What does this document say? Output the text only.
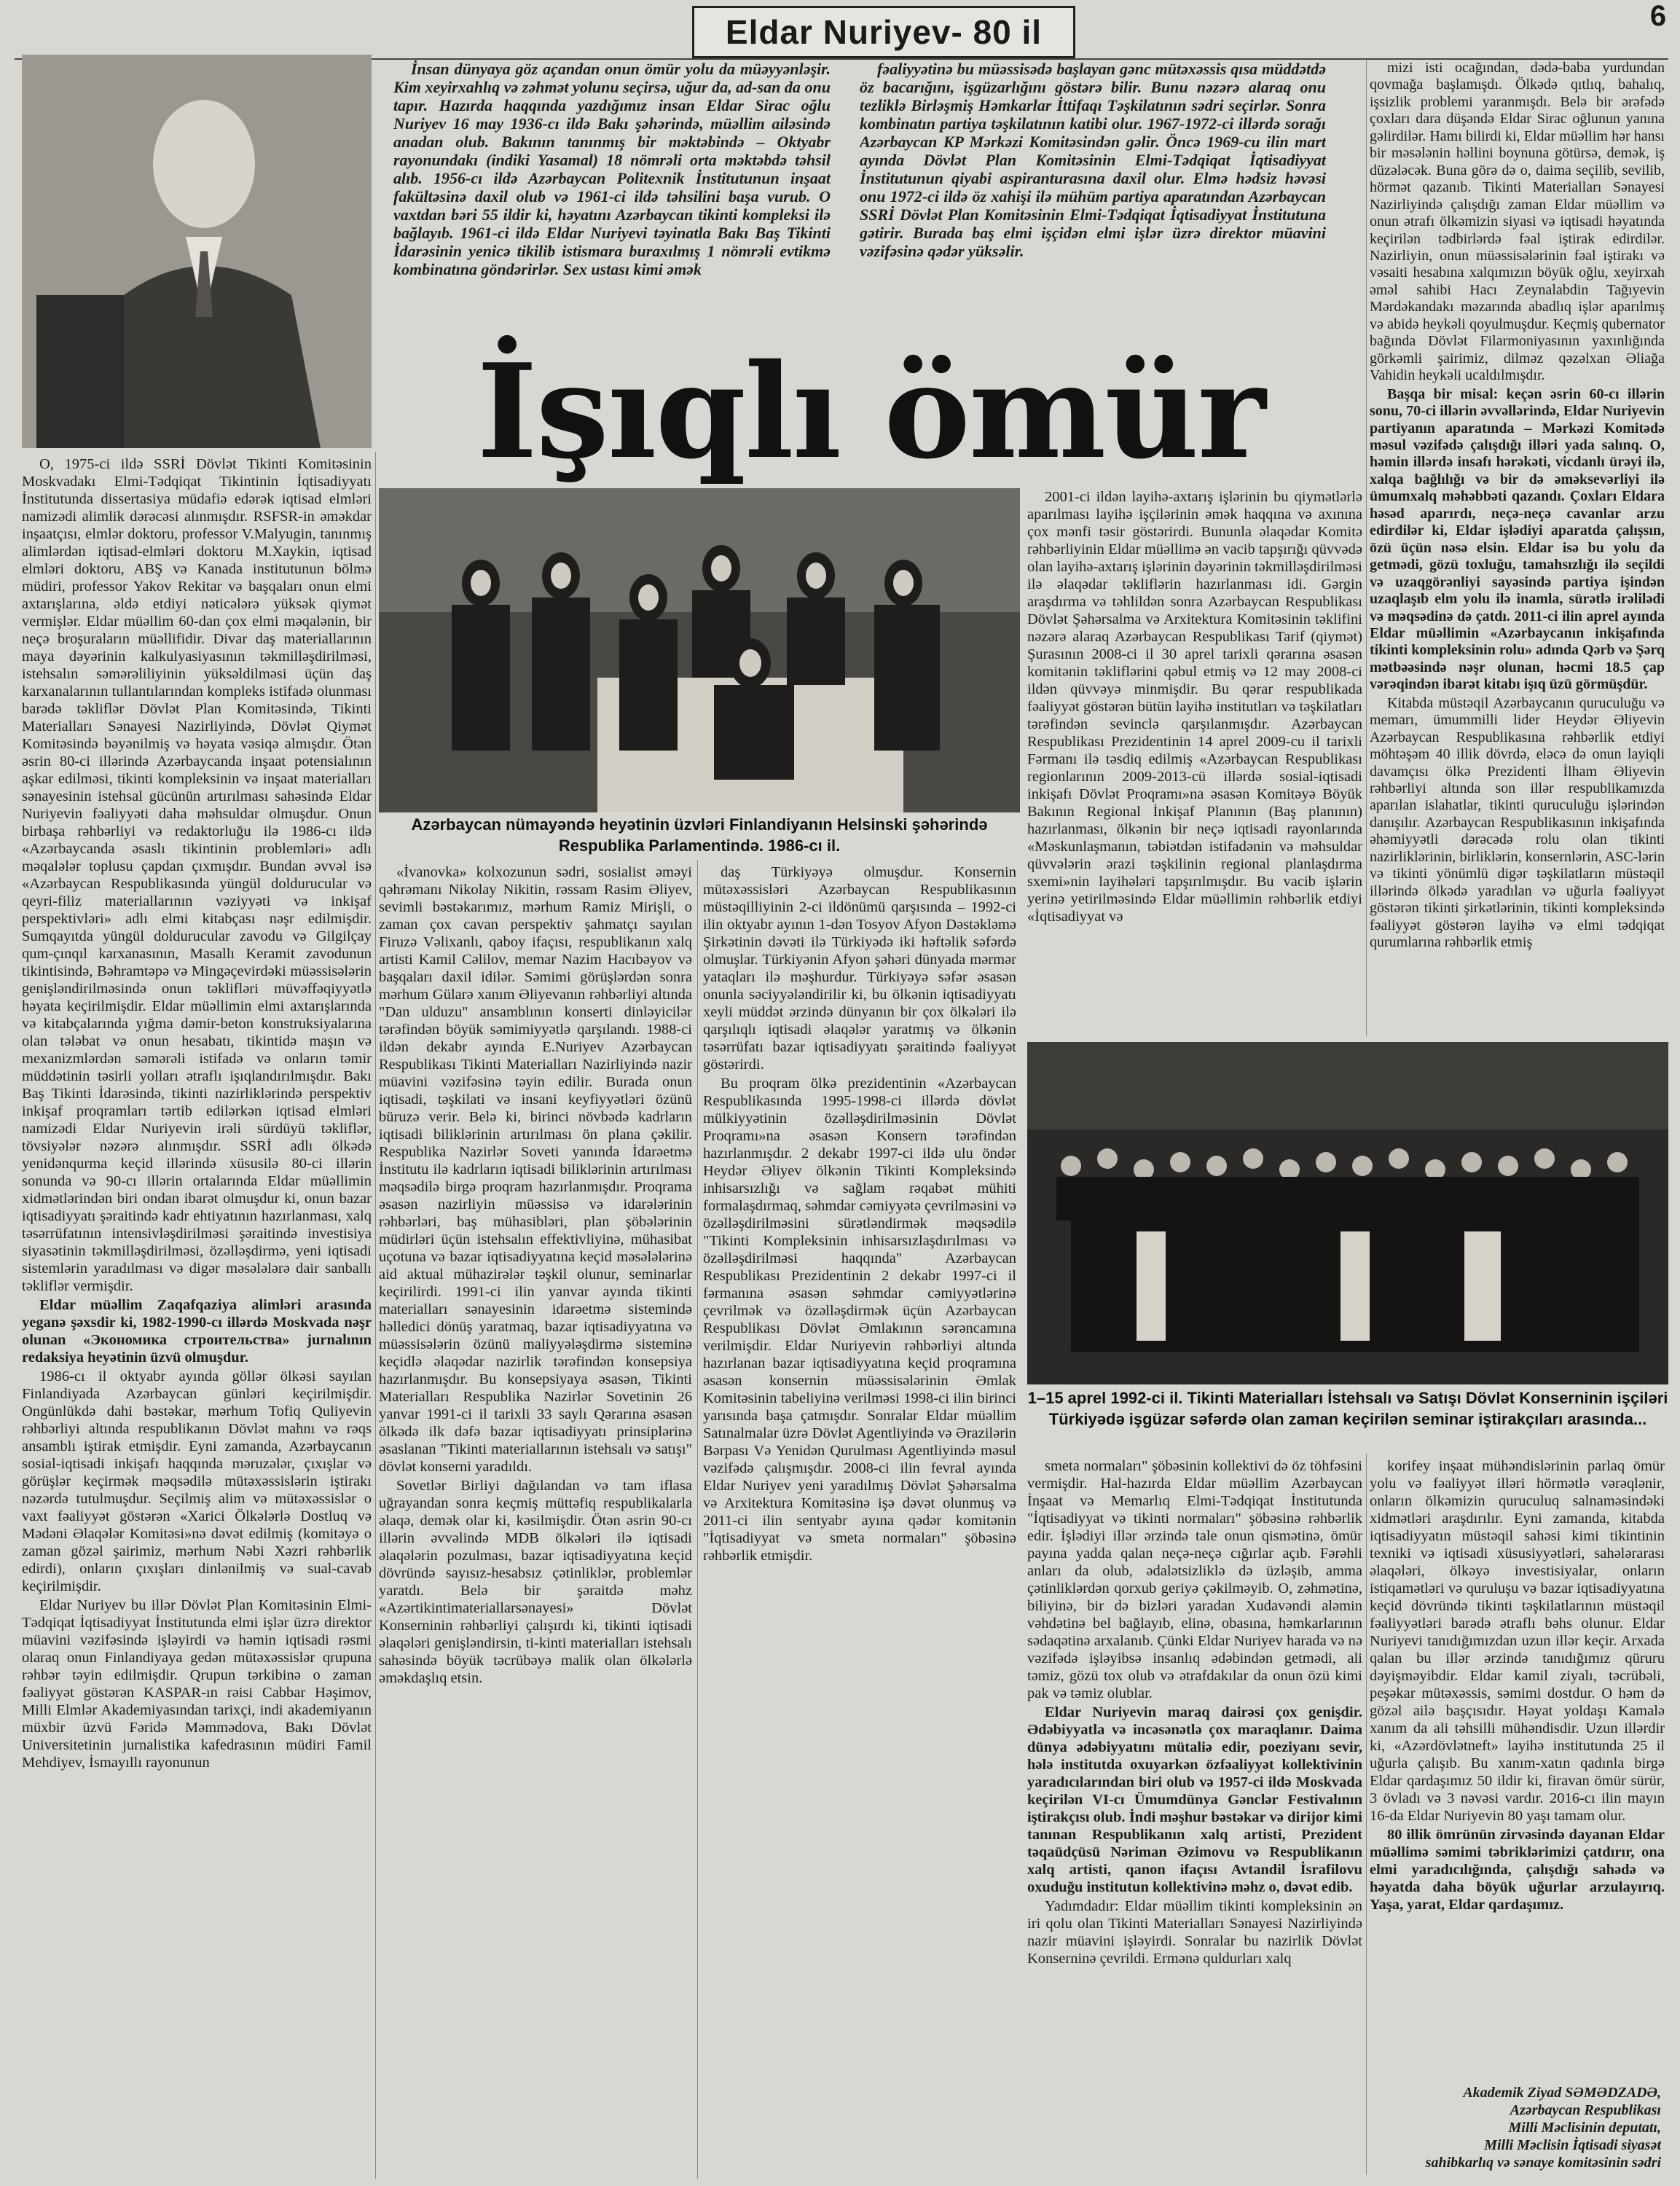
Eldar Nuriyev- 80 il	6

İnsan dünyaya göz açandan onun ömür yolu da müəyyənləşir. Kim xeyirxahlıq və zəhmət yolunu seçirsə, uğur da, ad-san da onu tapır. Hazırda haqqında yazdığımız insan Eldar Sirac oğlu Nuriyev 16 may 1936-cı ildə Bakı şəhərində, müəllim ailəsində anadan olub. Bakının tanınmış bir məktəbində – Oktyabr rayonundakı (indiki Yasamal) 18 nömrəli orta məktəbdə təhsil alıb. 1956-cı ildə Azərbaycan Politexnik İnstitutunun inşaat fakültəsinə daxil olub və 1961-ci ildə təhsilini başa vurub. O vaxtdan bəri 55 ildir ki, həyatını Azərbaycan tikinti kompleksi ilə bağlayıb. 1961-ci ildə Eldar Nuriyevi təyinatla Bakı Baş Tikinti İdarəsinin yenicə tikilib istismara buraxılmış 1 nömrəli evtikmə kombinatına göndərirlər. Sex ustası kimi əmək

fəaliyyətinə bu müəssisədə başlayan gənc mütəxəssis qısa müddətdə öz bacarığını, işgüzarlığını göstərə bilir. Bunu nəzərə alaraq onu tezliklə Birləşmiş Həmkarlar İttifaqı Təşkilatının sədri seçirlər. Sonra kombinatın partiya təşkilatının katibi olur. 1967-1972-ci illərdə sorağı Azərbaycan KP Mərkəzi Komitəsindən gəlir. Öncə 1969-cu ilin mart ayında Dövlət Plan Komitəsinin Elmi-Tədqiqat İqtisadiyyat İnstitutunun qiyabi aspiranturasına daxil olur. Elmə hədsiz həvəsi onu 1972-ci ildə öz xahişi ilə mühüm partiya aparatından Azərbaycan SSRİ Dövlət Plan Komitəsinin Elmi-Tədqiqat İqtisadiyyat İnstitutuna gətirir. Burada baş elmi işçidən elmi işlər üzrə direktor müavini vəzifəsinə qədər yüksəlir.

İşıqlı ömür

mizi isti ocağından, dədə-baba yurdundan qovmağa başlamışdı. Ölkədə qıtlıq, bahalıq, işsizlik problemi yaranmışdı. Belə bir ərəfədə çoxları dara düşəndə Eldar Sirac oğlunun yanına gəlirdilər. Hamı bilirdi ki, Eldar müəllim hər hansı bir məsələnin həllini boynuna götürsə, demək, iş düzələcək. Buna görə də o, daima seçilib, sevilib, hörmət qazanıb. Tikinti Materialları Sənayesi Nazirliyində çalışdığı zaman Eldar müəllim və onun ətrafı ölkəmizin siyasi və iqtisadi həyatında keçirilən tədbirlərdə fəal iştirak edirdilər. Nazirliyin, onun müəssisələrinin fəal iştirakı və vəsaiti hesabına xalqımızın böyük oğlu, xeyirxah əməl sahibi Hacı Zeynalabdin Tağıyevin Mərdəkandakı məzarında abadlıq işlər aparılmış və abidə heykəli qoyulmuşdur. Keçmiş qubernator bağında Dövlət Filarmoniyasının yaxınlığında görkəmli şairimiz, dilməz qəzəlxan Əliağa Vahidin heykəli ucaldılmışdır.

Başqa bir misal: keçən əsrin 60-cı illərin sonu, 70-ci illərin əvvəllərində, Eldar Nuriyevin partiyanın aparatında – Mərkəzi Komitədə məsul vəzifədə çalışdığı illəri yada salınq. O, həmin illərdə insafı hərəkəti, vicdanlı ürəyi ilə, xalqa bağlılığı və bir də əməksevərliyi ilə ümumxalq məhəbbəti qazandı. Çoxları Eldara həsəd aparırdı, neçə-neçə cavanlar arzu edirdilər ki, Eldar işlədiyi aparatda çalışsın, özü üçün nəsə elsin. Eldar isə bu yolu da getmədi, gözü toxluğu, tamahsızlığı ilə seçildi və uzaqgörənliyi sayəsində partiya işindən uzaqlaşıb elm yolu ilə inamla, sürətlə irəlilədi və məqsədinə də çatdı. 2011-ci ilin aprel ayında Eldar müəllimin «Azərbaycanın inkişafında tikinti kompleksinin rolu» adında Qərb və Şərq mətbəəsində nəşr olunan, həcmi 18.5 çap vərəqindən ibarət kitabı işıq üzü görmüşdür.

Kitabda müstəqil Azərbaycanın quruculuğu və memarı, ümummilli lider Heydər Əliyevin Azərbaycan Respublikasına rəhbərlik etdiyi möhtəşəm 40 illik dövrdə, eləcə də onun layiqli davamçısı ölkə Prezidenti İlham Əliyevin rəhbərliyi altında son illər respublikamızda aparılan islahatlar, tikinti quruculuğu işlərindən danışılır. Azərbaycan Respublikasının inkişafında əhəmiyyətli dərəcədə rolu olan tikinti nazirliklərinin, birliklərin, konsernlərin, ASC-lərin və tikinti yönümlü digər təşkilatların müstəqil illərində ölkədə yaradılan və uğurla fəaliyyət göstərən tikinti şirkətlərinin, tikinti kompleksində fəaliyyət göstərən layihə və elmi tədqiqat qurumlarına rəhbərlik etmiş

O, 1975-ci ildə SSRİ Dövlət Tikinti Komitəsinin Moskvadakı Elmi-Tədqiqat Tikintinin İqtisadiyyatı İnstitutunda dissertasiya müdafiə edərək iqtisad elmləri namizədi alimlik dərəcəsi alınmışdır. RSFSR-in əməkdar inşaatçısı, elmlər doktoru, professor V.Malyugin, tanınmış alimlərdən iqtisad-elmləri doktoru M.Xaykin, iqtisad elmləri doktoru, ABŞ və Kanada institutunun bölmə müdiri, professor Yakov Rekitar və başqaları onun elmi axtarışlarına, əldə etdiyi nəticələrə yüksək qiymət vermişlər. Eldar müəllim 60-dan çox elmi məqalənin, bir neçə broşuraların müəllifidir. Divar daş materiallarının maya dəyərinin kalkulyasiyasının təkmilləşdirilməsi, istehsalın səmərəliliyinin yüksəldilməsi üçün daş karxanalarının tullantılarından kompleks istifadə olunması barədə təkliflər Dövlət Plan Komitəsində, Tikinti Materialları Sənayesi Nazirliyində, Dövlət Qiymət Komitəsində bəyənilmiş və həyata vəsiqə almışdır. Ötən əsrin 80-ci illərində Azərbaycanda inşaat potensialının aşkar edilməsi, tikinti kompleksinin və inşaat materialları sənayesinin istehsal gücünün artırılması sahəsində Eldar Nuriyevin fəaliyyəti daha məhsuldar olmuşdur. Onun birbaşa rəhbərliyi və redaktorluğu ilə 1986-cı ildə «Azərbaycanda əsaslı tikintinin problemləri» adlı məqalələr toplusu çapdan çıxmışdır. Bundan əvvəl isə «Azərbaycan Respublikasında yüngül doldurucular və qeyri-filiz materiallarının vəziyyəti və inkişaf perspektivləri» adlı elmi kitabçası nəşr edilmişdir. Sumqayıtda yüngül doldurucular zavodu və Gilgilçay qum-çınqıl karxanasının, Masallı Keramit zavodunun tikintisində, Bəhramtəpə və Mingəçevirdəki müəssisələrin genişləndirilməsində onun təklifləri müvəffəqiyyətlə həyata keçirilmişdir. Eldar müəllimin elmi axtarışlarında və kitabçalarında yığma dəmir-beton konstruksiyalarına olan tələbat və onun hesabatı, tikintidə maşın və mexanizmlərdən səmərəli istifadə və onların təmir müddətinin təsirli yolları ətraflı işıqlandırılmışdır. Bakı Baş Tikinti İdarəsində, tikinti nazirliklərində perspektiv inkişaf proqramları tərtib edilərkən iqtisad elmləri namizədi Eldar Nuriyevin irəli sürdüyü təkliflər, tövsiyələr nəzərə alınmışdır. SSRİ adlı ölkədə yenidənqurma keçid illərində xüsusilə 80-ci illərin sonunda və 90-cı illərin ortalarında Eldar müəllimin xidmətlərindən biri ondan ibarət olmuşdur ki, onun bazar iqtisadiyyatı şəraitində kadr ehtiyatının hazırlanması, xalq təsərrüfatının intensivləşdirilməsi şəraitində investisiya siyasətinin təkmilləşdirilməsi, özəlləşdirmə, yeni iqtisadi sistemlərin yaradılması və digər məsələlərə dair sanballı təkliflər vermişdir.

Eldar müəllim Zaqafqaziya alimləri arasında yeganə şəxsdir ki, 1982-1990-cı illərdə Moskvada nəşr olunan «Экономика строительства» jurnalının redaksiya heyətinin üzvü olmuşdur.

1986-cı il oktyabr ayında göllər ölkəsi sayılan Finlandiyada Azərbaycan günləri keçirilmişdir. Ongünlükdə dahi bəstəkar, mərhum Tofiq Quliyevin rəhbərliyi altında respublikanın Dövlət mahnı və rəqs ansamblı iştirak etmişdir. Eyni zamanda, Azərbaycanın sosial-iqtisadi inkişafı haqqında məruzələr, çıxışlar və görüşlər keçirmək məqsədilə mütəxəssislərin iştirakı nəzərdə tutulmuşdur. Seçilmiş alim və mütəxəssislər o vaxt fəaliyyət göstərən «Xarici Ölkələrlə Dostluq və Mədəni Əlaqələr Komitəsi»nə dəvət edilmiş (komitəyə o zaman gözəl şairimiz, mərhum Nəbi Xəzri rəhbərlik edirdi), onların çıxışları dinlənilmiş və sual-cavab keçirilmişdir.

Eldar Nuriyev bu illər Dövlət Plan Komitəsinin Elmi-Tədqiqat İqtisadiyyat İnstitutunda elmi işlər üzrə direktor müavini vəzifəsində işləyirdi və həmin iqtisadi rəsmi olaraq onun Finlandiyaya gedən mütəxəssislər qrupuna rəhbər təyin edilmişdir. Qrupun tərkibinə o zaman fəaliyyət göstərən KASPAR-ın rəisi Cabbar Həşimov, Milli Elmlər Akademiyasından tarixçi, indi akademiyanın müxbir üzvü Fəridə Məmmədova, Bakı Dövlət Universitetinin jurnalistika kafedrasının müdiri Famil Mehdiyev, İsmayıllı rayonunun

Azərbaycan nümayəndə heyətinin üzvləri Finlandiyanın Helsinski şəhərində Respublika Parlamentində. 1986-cı il.

2001-ci ildən layihə-axtarış işlərinin bu qiymətlərlə aparılması layihə işçilərinin əmək haqqına və axınına çox mənfi təsir göstərirdi. Bununla əlaqədar Komitə rəhbərliyinin Eldar müəllimə ən vacib tapşırığı qüvvədə olan layihə-axtarış işlərinin dəyərinin təkmilləşdirilməsi ilə əlaqədar təkliflərin hazırlanması idi. Gərgin araşdırma və təhlildən sonra Azərbaycan Respublikası Dövlət Şəhərsalma və Arxitektura Komitəsinin təklifini nəzərə alaraq Azərbaycan Respublikası Tarif (qiymət) Şurasının 2008-ci il 30 aprel tarixli qərarına əsasən komitənin təkliflərini qəbul etmiş və 12 may 2008-ci ildən qüvvəyə minmişdir. Bu qərar respublikada fəaliyyət göstərən bütün layihə institutları və təşkilatları tərəfindən sevinclə qarşılanmışdır. Azərbaycan Respublikası Prezidentinin 14 aprel 2009-cu il tarixli Fərmanı ilə təsdiq edilmiş «Azərbaycan Respublikası regionlarının 2009-2013-cü illərdə sosial-iqtisadi inkişafı Dövlət Proqramı»na əsasən Komitəyə Böyük Bakının Regional İnkişaf Planının (Baş planının) hazırlanması, ölkənin bir neçə iqtisadi rayonlarında «Məskunlaşmanın, təbiətdən istifadənin və məhsuldar qüvvələrin ərazi təşkilinin regional planlaşdırma sxemi»nin layihələri tapşırılmışdır. Bu vacib işlərin yerinə yetirilməsində Eldar müəllimin rəhbərlik etdiyi «İqtisadiyyat və

«İvanovka» kolxozunun sədri, sosialist əməyi qəhrəmanı Nikolay Nikitin, rəssam Rasim Əliyev, sevimli bəstəkarımız, mərhum Ramiz Mirişli, o zaman çox cavan perspektiv şahmatçı sayılan Firuzə Vəlixanlı, qaboy ifaçısı, respublikanın xalq artisti Kamil Cəlilov, memar Nazim Hacıbəyov və başqaları daxil idilər. Səmimi görüşlərdən sonra mərhum Gülarə xanım Əliyevanın rəhbərliyi altında "Dan ulduzu" ansamblının konserti dinləyicilər tərəfindən böyük səmimiyyətlə qarşılandı. 1988-ci ildən dekabr ayında E.Nuriyev Azərbaycan Respublikası Tikinti Materialları Nazirliyində nazir müavini vəzifəsinə təyin edilir. Burada onun iqtisadi, təşkilati və insani keyfiyyətləri özünü büruzə verir. Belə ki, birinci növbədə kadrların iqtisadi biliklərinin artırılması ön plana çəkilir. Respublika Nazirlər Soveti yanında İdarəetmə İnstitutu ilə kadrların iqtisadi biliklərinin artırılması məqsədilə birgə proqram hazırlanmışdır. Proqrama əsasən nazirliyin müəssisə və idarələrinin rəhbərləri, baş mühasibləri, plan şöbələrinin müdirləri üçün istehsalın effektivliyinə, mühasibat uçotuna və bazar iqtisadiyyatına keçid məsələlərinə aid aktual mühazirələr təşkil olunur, seminarlar keçirilirdi. 1991-ci ilin yanvar ayında tikinti materialları sənayesinin idarəetmə sistemində həlledici dönüş yaratmaq, bazar iqtisadiyyatına və müəssisələrin özünü maliyyələşdirmə sisteminə keçidlə əlaqədar nazirlik tərəfindən konsepsiya hazırlanmışdır. Bu konsepsiyaya əsasən, Tikinti Materialları Respublika Nazirlər Sovetinin 26 yanvar 1991-ci il tarixli 33 saylı Qərarına əsasən ölkədə ilk dəfə bazar iqtisadiyyatı prinsiplərinə əsaslanan "Tikinti materiallarının istehsalı və satışı" dövlət konserni yaradıldı.

Sovetlər Birliyi dağılandan və tam iflasa uğrayandan sonra keçmiş müttəfiq respublikalarla əlaqə, demək olar ki, kəsilmişdir. Ötən əsrin 90-cı illərin əvvəlində MDB ölkələri ilə iqtisadi əlaqələrin pozulması, bazar iqtisadiyyatına keçid dövründə sayısız-hesabsız çətinliklər, problemlər yaratdı. Belə bir şəraitdə məhz «Azərtikintimateriallarsənayesi» Dövlət Konserninin rəhbərliyi çalışırdı ki, tikinti iqtisadi əlaqələri genişləndirsin, ti-kinti materialları istehsalı sahəsində böyük təcrübəyə malik olan ölkələrlə əməkdaşlıq etsin.

daş Türkiyəyə olmuşdur. Konsernin mütəxəssisləri Azərbaycan Respublikasının müstəqilliyinin 2-ci ildönümü qarşısında – 1992-ci ilin oktyabr ayının 1-dən Tosyov Afyon Dəstəkləmə Şirkətinin dəvəti ilə Türkiyədə iki həftəlik səfərdə olmuşlar. Türkiyənin Afyon şəhəri dünyada mərmər yataqları ilə məşhurdur. Türkiyəyə səfər əsasən onunla səciyyələndirilir ki, bu ölkənin iqtisadiyyatı xeyli müddət ərzində dünyanın bir çox ölkələri ilə qarşılıqlı iqtisadi əlaqələr yaratmış və ölkənin təsərrüfatı bazar iqtisadiyyatı şəraitində fəaliyyət göstərirdi.

Bu proqram ölkə prezidentinin «Azərbaycan Respublikasında 1995-1998-ci illərdə dövlət mülkiyyətinin özəlləşdirilməsinin Dövlət Proqramı»na əsasən Konsern tərəfindən hazırlanmışdır. 2 dekabr 1997-ci ildə ulu öndər Heydər Əliyev ölkənin Tikinti Kompleksində inhisarsızlığı və sağlam rəqabət mühiti formalaşdırmaq, səhmdar cəmiyyətə çevrilməsini və özəlləşdirilməsini sürətləndirmək məqsədilə "Tikinti Kompleksinin inhisarsızlaşdırılması və özəlləşdirilməsi haqqında" Azərbaycan Respublikası Prezidentinin 2 dekabr 1997-ci il fərmanına əsasən səhmdar cəmiyyətlərinə çevrilmək və özəlləşdirmək üçün Azərbaycan Respublikası Dövlət Əmlakının sərəncamına verilmişdir. Eldar Nuriyevin rəhbərliyi altında hazırlanan bazar iqtisadiyyatına keçid proqramına əsasən konsernin müəssisələrinin Əmlak Komitəsinin tabeliyinə verilməsi 1998-ci ilin birinci yarısında başa çatmışdır. Sonralar Eldar müəllim Satınalmalar üzrə Dövlət Agentliyində və Ərazilərin Bərpası Və Yenidən Qurulması Agentliyində məsul vəzifədə çalışmışdır. 2008-ci ilin fevral ayında Eldar Nuriyev yeni yaradılmış Dövlət Şəhərsalma və Arxitektura Komitəsinə işə dəvət olunmuş və 2011-ci ilin sentyabr ayına qədər komitənin "İqtisadiyyat və smeta normaları" şöbəsinə rəhbərlik etmişdir.

1–15 aprel 1992-ci il. Tikinti Materialları İstehsalı və Satışı Dövlət Konserninin işçiləri Türkiyədə işgüzar səfərdə olan zaman keçirilən seminar iştirakçıları arasında...

smeta normaları" şöbəsinin kollektivi də öz töhfəsini vermişdir. Hal-hazırda Eldar müəllim Azərbaycan İnşaat və Memarlıq Elmi-Tədqiqat İnstitutunda "İqtisadiyyat və tikinti normaları" şöbəsinə rəhbərlik edir. İşlədiyi illər ərzində tale onun qismətinə, ömür payına yadda qalan neçə-neçə cığırlar açıb. Fərəhli anları da olub, ədalətsizliklə də üzləşib, amma çətinliklərdən qorxub geriyə çəkilməyib. O, zəhmətinə, biliyinə, bir də bizləri yaradan Xudavəndi aləmin vəhdətinə bel bağlayıb, elinə, obasına, həmkarlarının sədaqətinə arxalanıb. Çünki Eldar Nuriyev harada və nə vəzifədə işləyibsə insanlıq ədəbindən getmədi, ali təmiz, gözü tox olub və ətrafdakılar da onun özü kimi pak və təmiz olublar.

Eldar Nuriyevin maraq dairəsi çox genişdir. Ədəbiyyatla və incəsənətlə çox maraqlanır. Daima dünya ədəbiyyatını mütaliə edir, poeziyanı sevir, hələ institutda oxuyarkən özfəaliyyət kollektivinin yaradıcılarından biri olub və 1957-ci ildə Moskvada keçirilən VI-cı Ümumdünya Gənclər Festivalının iştirakçısı olub. İndi məşhur bəstəkar və dirijor kimi tanınan Respublikanın xalq artisti, Prezident təqaüdçüsü Nəriman Əzimovu və Respublikanın xalq artisti, qanon ifaçısı Avtandil İsrafilovu oxuduğu institutun kollektivinə məhz o, dəvət edib.

Yadımdadır: Eldar müəllim tikinti kompleksinin ən iri qolu olan Tikinti Materialları Sənayesi Nazirliyində nazir müavini işləyirdi. Sonralar bu nazirlik Dövlət Konserninə çevrildi. Ermənə quldurları xalq

korifey inşaat mühəndislərinin parlaq ömür yolu və fəaliyyət illəri hörmətlə vərəqlənir, onların ölkəmizin quruculuq salnaməsindəki xidmətləri araşdırılır. Eyni zamanda, kitabda iqtisadiyyatın müstəqil sahəsi kimi tikintinin texniki və iqtisadi xüsusiyyətləri, sahələrarası əlaqələri, ölkəyə investisiyalar, onların istiqamətləri və quruluşu və bazar iqtisadiyyatına keçid dövründə tikinti təşkilatlarının müstəqil fəaliyyətləri barədə ətraflı bəhs olunur. Eldar Nuriyevi tanıdığımızdan uzun illər keçir. Arxada qalan bu illər ərzində tanıdığımız qüruru dəyişməyibdir. Eldar kamil ziyalı, təcrübəli, peşəkar mütəxəssis, səmimi dostdur. O həm də gözəl ailə başçısıdır. Həyat yoldaşı Kamalə xanım da ali təhsilli mühəndisdir. Uzun illərdir ki, «Azərdövlətneft» layihə institutunda 25 il uğurla çalışıb. Bu xanım-xatın qadınla birgə Eldar qardaşımız 50 ildir ki, firavan ömür sürür, 3 övladı və 3 nəvəsi vardır. 2016-cı ilin mayın 16-da Eldar Nuriyevin 80 yaşı tamam olur.

80 illik ömrünün zirvəsində dayanan Eldar müəllimə səmimi təbriklərimizi çatdırır, ona elmi yaradıcılığında, çalışdığı sahədə və həyatda daha böyük uğurlar arzulayırıq. Yaşa, yarat, Eldar qardaşımız.

Akademik Ziyad SƏMƏDZADƏ,
Azərbaycan Respublikası
Milli Məclisinin deputatı,
Milli Məclisin İqtisadi siyasət
sahibkarlıq və sənaye komitəsinin sədri
